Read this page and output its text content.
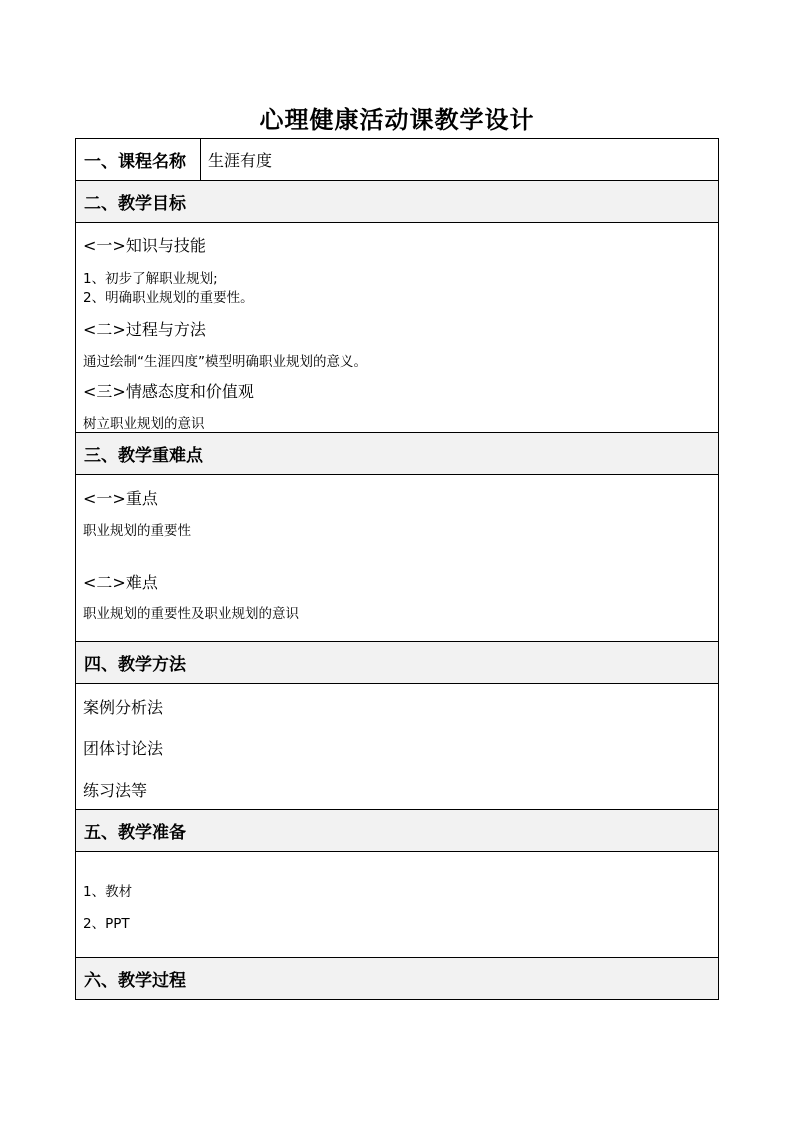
心理健康活动课教学设计
一、课程名称	生涯有度
二、教学目标
<一>知识与技能
1、初步了解职业规划;
2、明确职业规划的重要性。
<二>过程与方法
通过绘制“生涯四度”模型明确职业规划的意义。
<三>情感态度和价值观
树立职业规划的意识
三、教学重难点
<一>重点
职业规划的重要性
<二>难点
职业规划的重要性及职业规划的意识
四、教学方法
案例分析法
团体讨论法
练习法等
五、教学准备
1、教材
2、PPT
六、教学过程
